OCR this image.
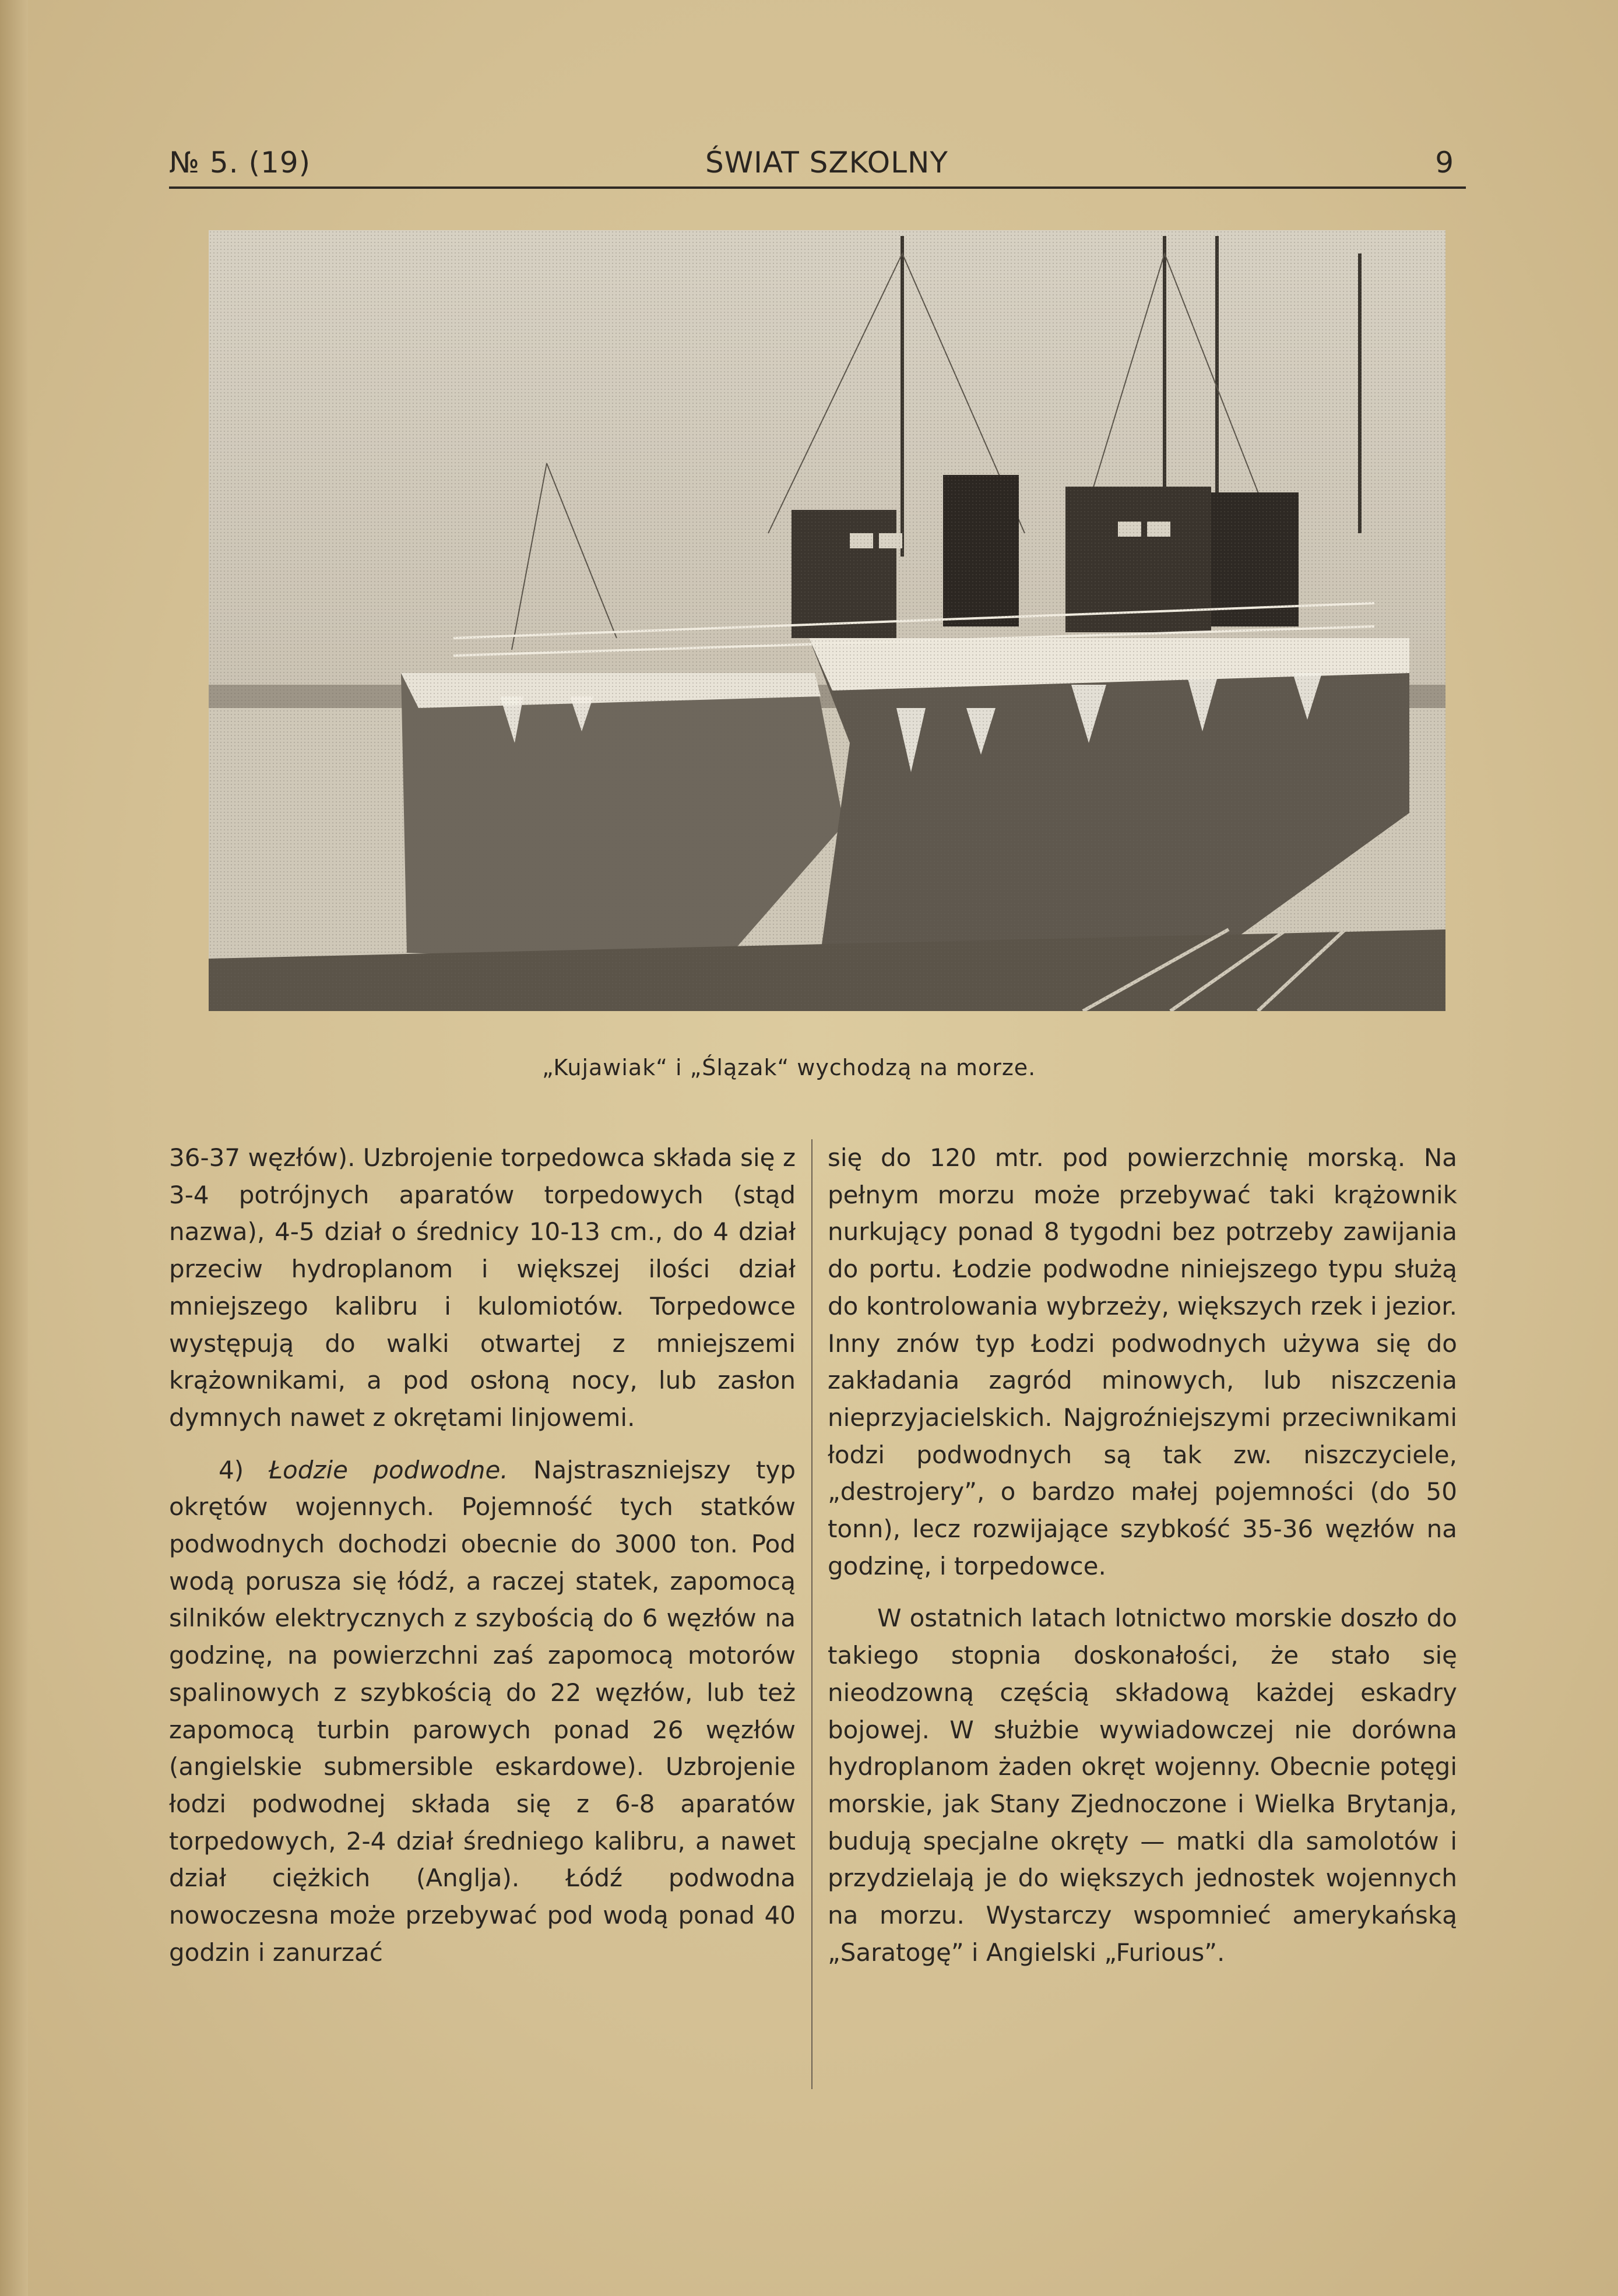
№ 5. (19)	ŚWIAT SZKOLNY	9
„Kujawiak“ i „Ślązak“ wychodzą na morze.

36-37 węzłów). Uzbrojenie torpedowca składa się z 3-4 potrójnych aparatów torpedowych (stąd nazwa), 4-5 dział o średnicy 10-13 cm., do 4 dział przeciw hydroplanom i większej ilości dział mniejszego kalibru i kulomiotów. Torpedowce występują do walki otwartej z mniejszemi krążownikami, a pod osłoną nocy, lub zasłon dymnych nawet z okrętami linjowemi.

4) Łodzie podwodne. Najstraszniejszy typ okrętów wojennych. Pojemność tych statków podwodnych dochodzi obecnie do 3000 ton. Pod wodą porusza się łódź, a raczej statek, zapomocą silników elektrycznych z szybością do 6 węzłów na godzinę, na powierzchni zaś zapomocą motorów spalinowych z szybkością do 22 węzłów, lub też zapomocą turbin parowych ponad 26 węzłów (angielskie submersible eskardowe). Uzbrojenie łodzi podwodnej składa się z 6-8 aparatów torpedowych, 2-4 dział średniego kalibru, a nawet dział ciężkich (Anglja). Łódź podwodna nowoczesna może przebywać pod wodą ponad 40 godzin i zanurzać

się do 120 mtr. pod powierzchnię morską. Na pełnym morzu może przebywać taki krążownik nurkujący ponad 8 tygodni bez potrzeby zawijania do portu. Łodzie podwodne niniejszego typu służą do kontrolowania wybrzeży, większych rzek i jezior. Inny znów typ Łodzi podwodnych używa się do zakładania zagród minowych, lub niszczenia nieprzyjacielskich. Najgroźniejszymi przeciwnikami łodzi podwodnych są tak zw. niszczyciele, „destrojery”, o bardzo małej pojemności (do 50 tonn), lecz rozwijające szybkość 35-36 węzłów na godzinę, i torpedowce.

W ostatnich latach lotnictwo morskie doszło do takiego stopnia doskonałości, że stało się nieodzowną częścią składową każdej eskadry bojowej. W służbie wywiadowczej nie dorówna hydroplanom żaden okręt wojenny. Obecnie potęgi morskie, jak Stany Zjednoczone i Wielka Brytanja, budują specjalne okręty — matki dla samolotów i przydzielają je do większych jednostek wojennych na morzu. Wystarczy wspomnieć amerykańską „Saratogę” i Angielski „Furious”.
